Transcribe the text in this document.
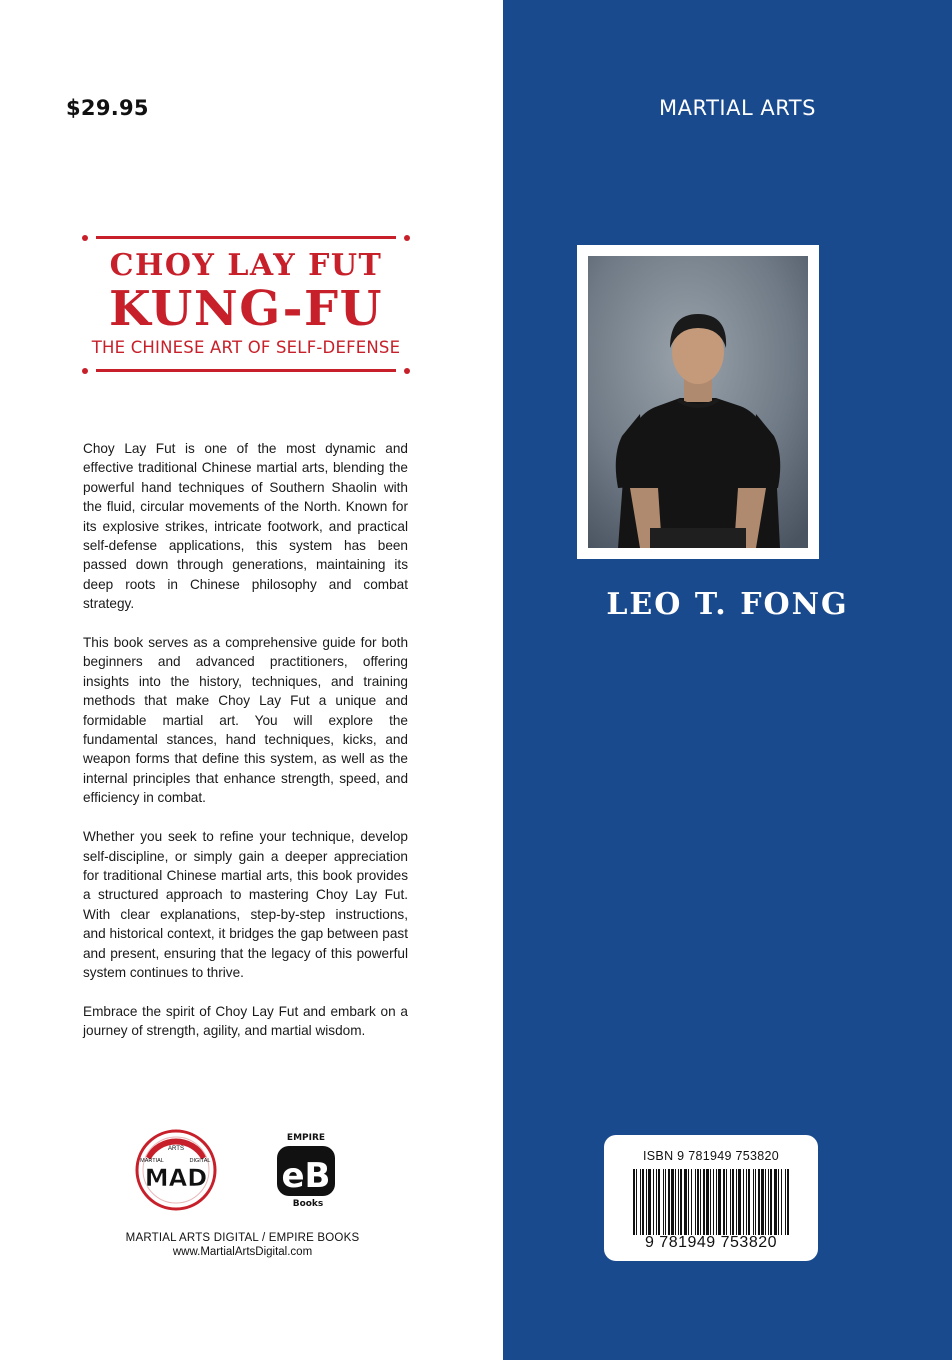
$29.95
CHOY LAY FUT
KUNG-FU
THE CHINESE ART OF SELF-DEFENSE

Choy Lay Fut is one of the most dynamic and effective traditional Chinese martial arts, blending the powerful hand techniques of Southern Shaolin with the fluid, circular movements of the North. Known for its explosive strikes, intricate footwork, and practical self-defense applications, this system has been passed down through generations, maintaining its deep roots in Chinese philosophy and combat strategy.

This book serves as a comprehensive guide for both beginners and advanced practitioners, offering insights into the history, techniques, and training methods that make Choy Lay Fut a unique and formidable martial art. You will explore the fundamental stances, hand techniques, kicks, and weapon forms that define this system, as well as the internal principles that enhance strength, speed, and efficiency in combat.

Whether you seek to refine your technique, develop self-discipline, or simply gain a deeper appreciation for traditional Chinese martial arts, this book provides a structured approach to mastering Choy Lay Fut. With clear explanations, step-by-step instructions, and historical context, it bridges the gap between past and present, ensuring that the legacy of this powerful system continues to thrive.

Embrace the spirit of Choy Lay Fut and embark on a journey of strength, agility, and martial wisdom.

ARTS
MARTIAL	DIGITAL
MAD
EMPIRE
eB
Books
MARTIAL ARTS DIGITAL / EMPIRE BOOKS
www.MartialArtsDigital.com
MARTIAL ARTS
LEO T. FONG
ISBN 9 781949 753820
9 781949 753820
